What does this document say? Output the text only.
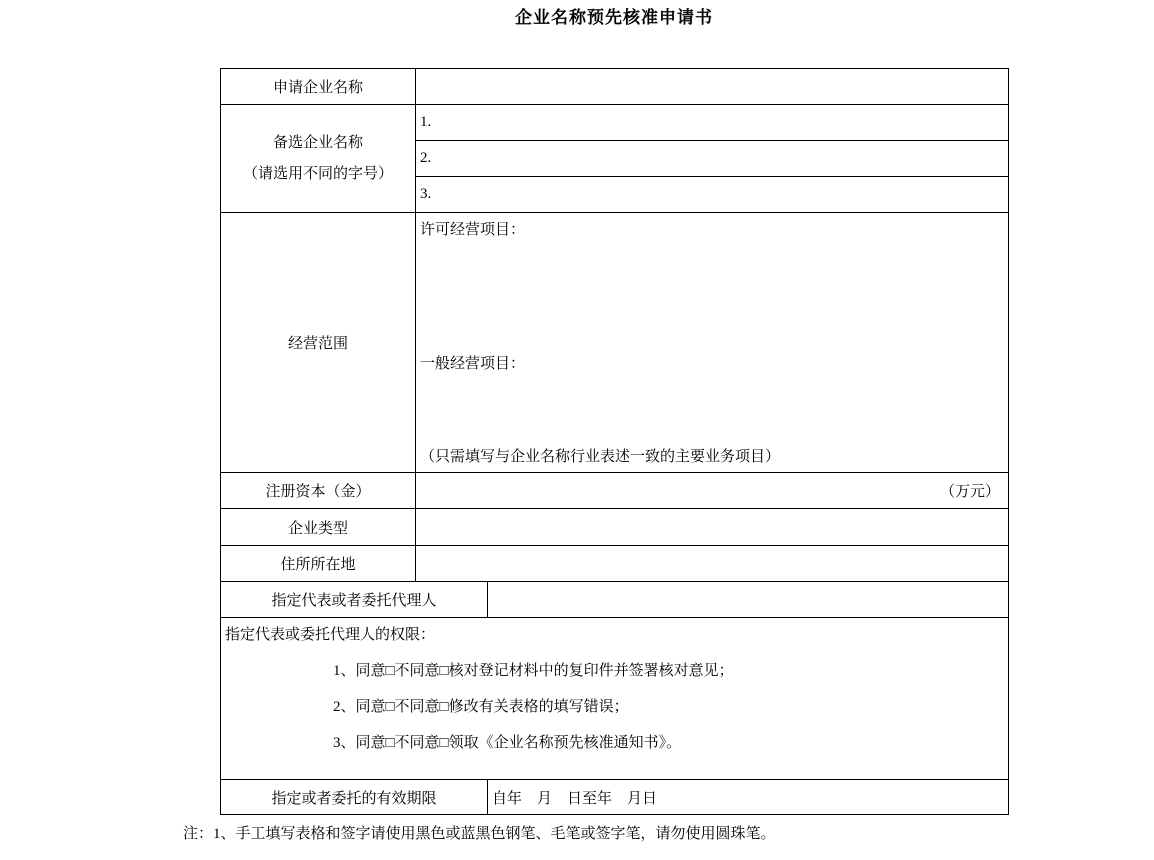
企业名称预先核准申请书
申请企业名称		

备选企业名称
（请选用不同的字号）	1.	
	2.	
	3.	
经营范围	许可经营项目：

一般经营项目：

（只需填写与企业名称行业表述一致的主要业务项目）	

注册资本（金）	（万元）	
企业类型		
住所所在地		
指定代表或者委托代理人		

指定代表或委托代理人的权限：
1、同意□不同意□核对登记材料中的复印件并签署核对意见；
2、同意□不同意□修改有关表格的填写错误；
3、同意□不同意□领取《企业名称预先核准通知书》。		

指定或者委托的有效期限		自年　月　日至年　月日
注：1、手工填写表格和签字请使用黑色或蓝黑色钢笔、毛笔或签字笔，请勿使用圆珠笔。
